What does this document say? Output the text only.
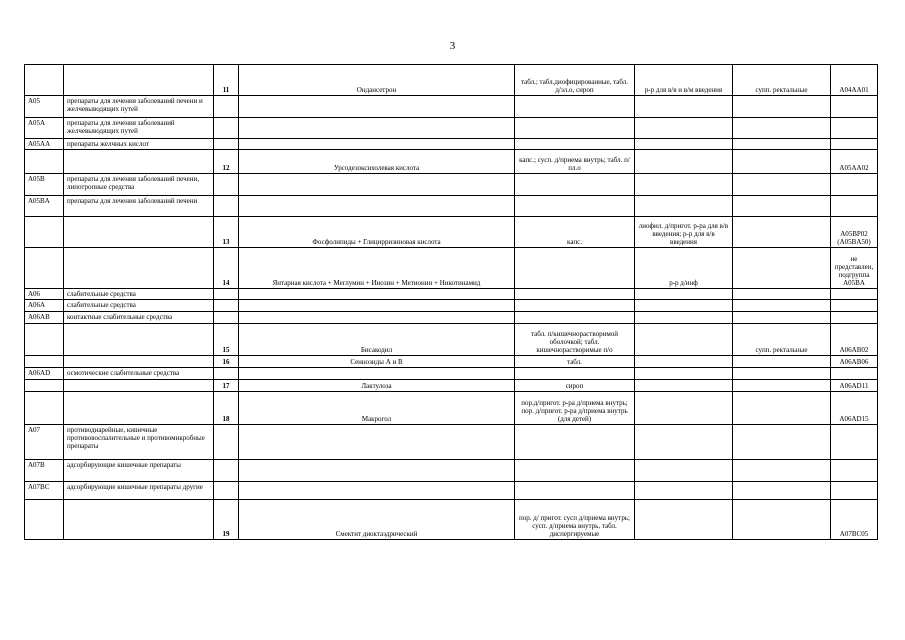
3
		11	Ондансетрон	табл.; табл.диофицированные, табл. д/эл.о, сироп	р-р для в/в и в/м введения	супп. ректальные	A04AA01
A05	препараты для лечения заболеваний печени и желчевыводящих путей						
A05A	препараты для лечения заболеваний желчевыводящих путей						
A05AA	препараты желчных кислот						
		12	Урсодезоксихолевая кислота	капс.; сусп. д/приема внутрь; табл. п/пл.о			A05AA02
A05B	препараты для лечения заболеваний печени, липотропные средства						
A05BA	препараты для лечения заболеваний печени						
		13	Фосфолипиды + Глицирризиновая кислота	капс.	лиофил. д/пригот. р-ра для в/в введения; р-р для в/в введения		A05BP02 (A05BA50)
		14	Янтарная кислота + Меглумин + Инозин + Метионин + Никотинамид		р-р д/инф		не представлен, подгруппа A05BA
A06	слабительные средства						
A06A	слабительные средства						
A06AB	контактные слабительные средства						
		15	Бисакодил	табл. п/кишечнорастворимой оболочкой; табл. кишечнорастворимые п/о		супп. ректальные	A06AB02
		16	Сеннозиды А и В	табл.			A06AB06
A06AD	осмотические слабительные средства						
		17	Лактулоза	сироп			A06AD11
		18	Макрогол	пор.д/пригот. р-ра д/приема внутрь; пор. д/пригот. р-ра д/приема внутрь (для детей)			A06AD15
A07	противодиарейные, кишечные противовоспалительные и противомикробные препараты						
A07B	адсорбирующие кишечные препараты						
A07BC	адсорбирующие кишечные препараты другие						
		19	Смектит диоктаэдрический	пор. д/ пригот. сусп д/приема внутрь; сусп. д/приема внутрь, табл. диспергируемые			A07BC05
